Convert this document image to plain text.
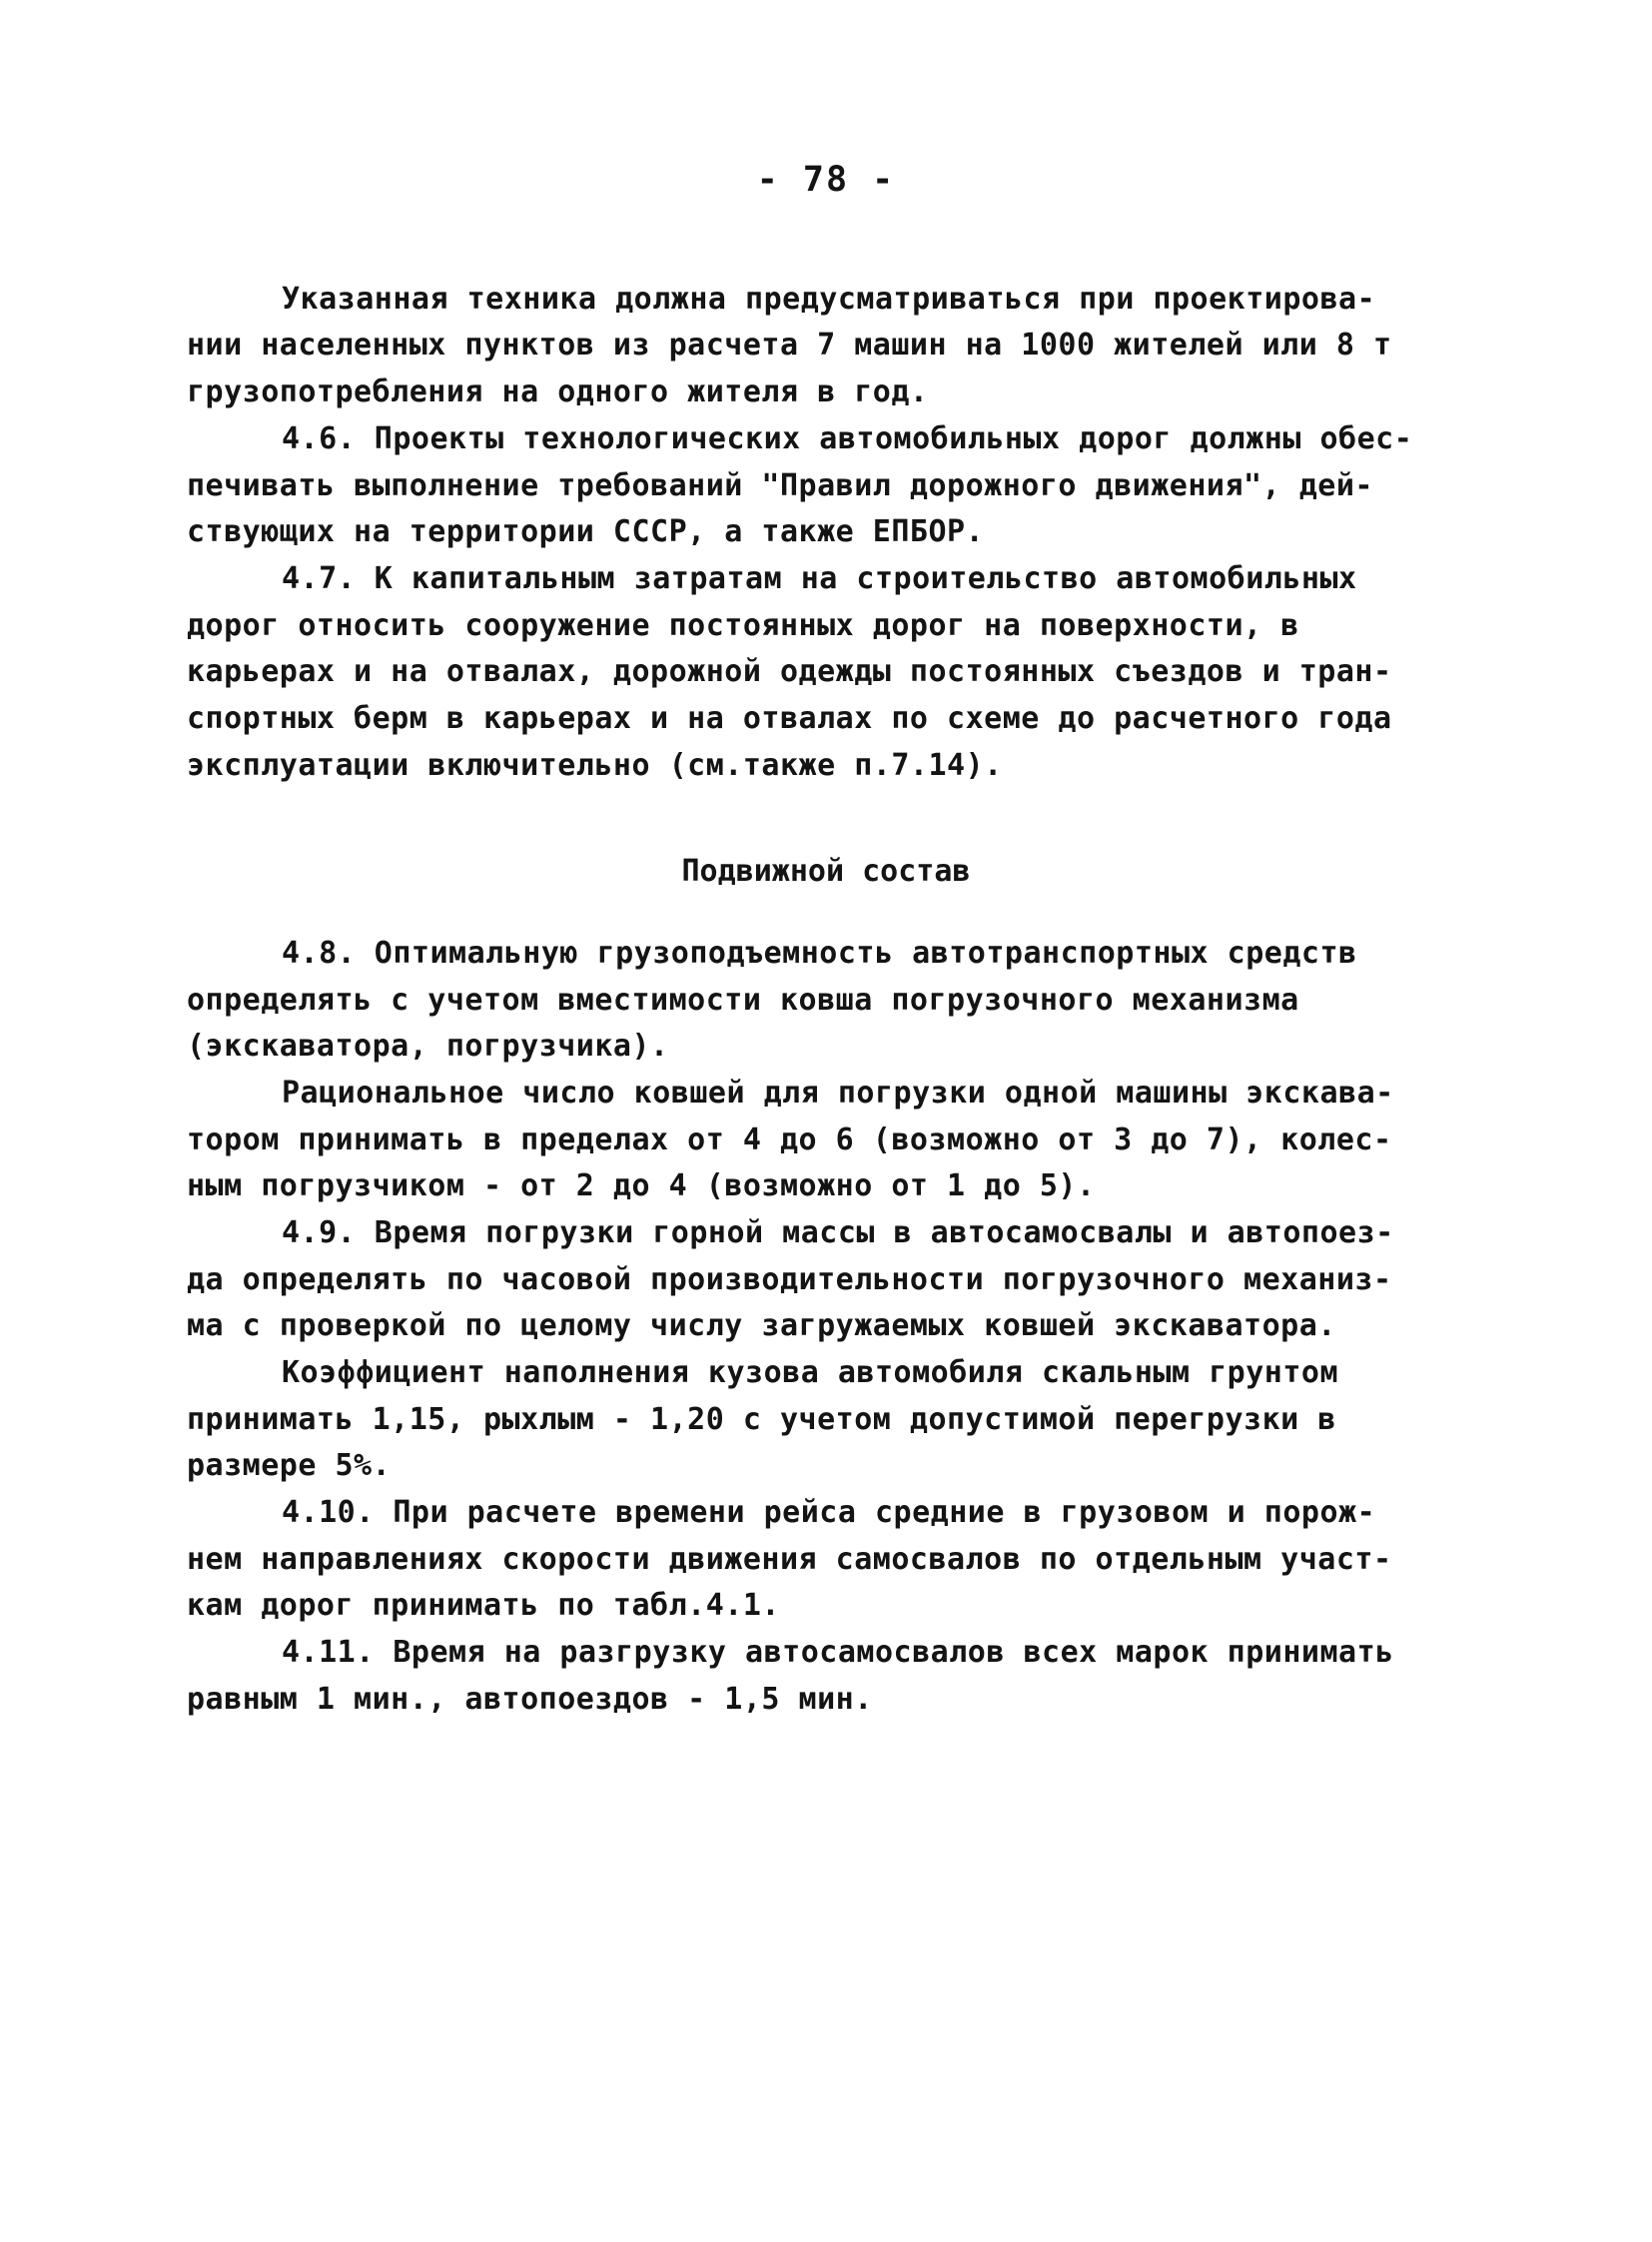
- 78 -
Указанная техника должна предусматриваться при проектирова-
нии населенных пунктов из расчета 7 машин на 1000 жителей или 8 т
грузопотребления на одного жителя в год.
4.6. Проекты технологических автомобильных дорог должны обес-
печивать выполнение требований "Правил дорожного движения", дей-
ствующих на территории СССР, а также ЕПБОР.
4.7. К капитальным затратам на строительство автомобильных
дорог относить сооружение постоянных дорог на поверхности, в
карьерах и на отвалах, дорожной одежды постоянных съездов и тран-
спортных берм в карьерах и на отвалах по схеме до расчетного года
эксплуатации включительно (см.также п.7.14).
Подвижной состав
4.8. Оптимальную грузоподъемность автотранспортных средств
определять с учетом вместимости ковша погрузочного механизма
(экскаватора, погрузчика).
Рациональное число ковшей для погрузки одной машины экскава-
тором принимать в пределах от 4 до 6 (возможно от 3 до 7), колес-
ным погрузчиком - от 2 до 4 (возможно от 1 до 5).
4.9. Время погрузки горной массы в автосамосвалы и автопоез-
да определять по часовой производительности погрузочного механиз-
ма с проверкой по целому числу загружаемых ковшей экскаватора.
Коэффициент наполнения кузова автомобиля скальным грунтом
принимать 1,15, рыхлым - 1,20 с учетом допустимой перегрузки в
размере 5%.
4.10. При расчете времени рейса средние в грузовом и порож-
нем направлениях скорости движения самосвалов по отдельным участ-
кам дорог принимать по табл.4.1.
4.11. Время на разгрузку автосамосвалов всех марок принимать
равным 1 мин., автопоездов - 1,5 мин.
